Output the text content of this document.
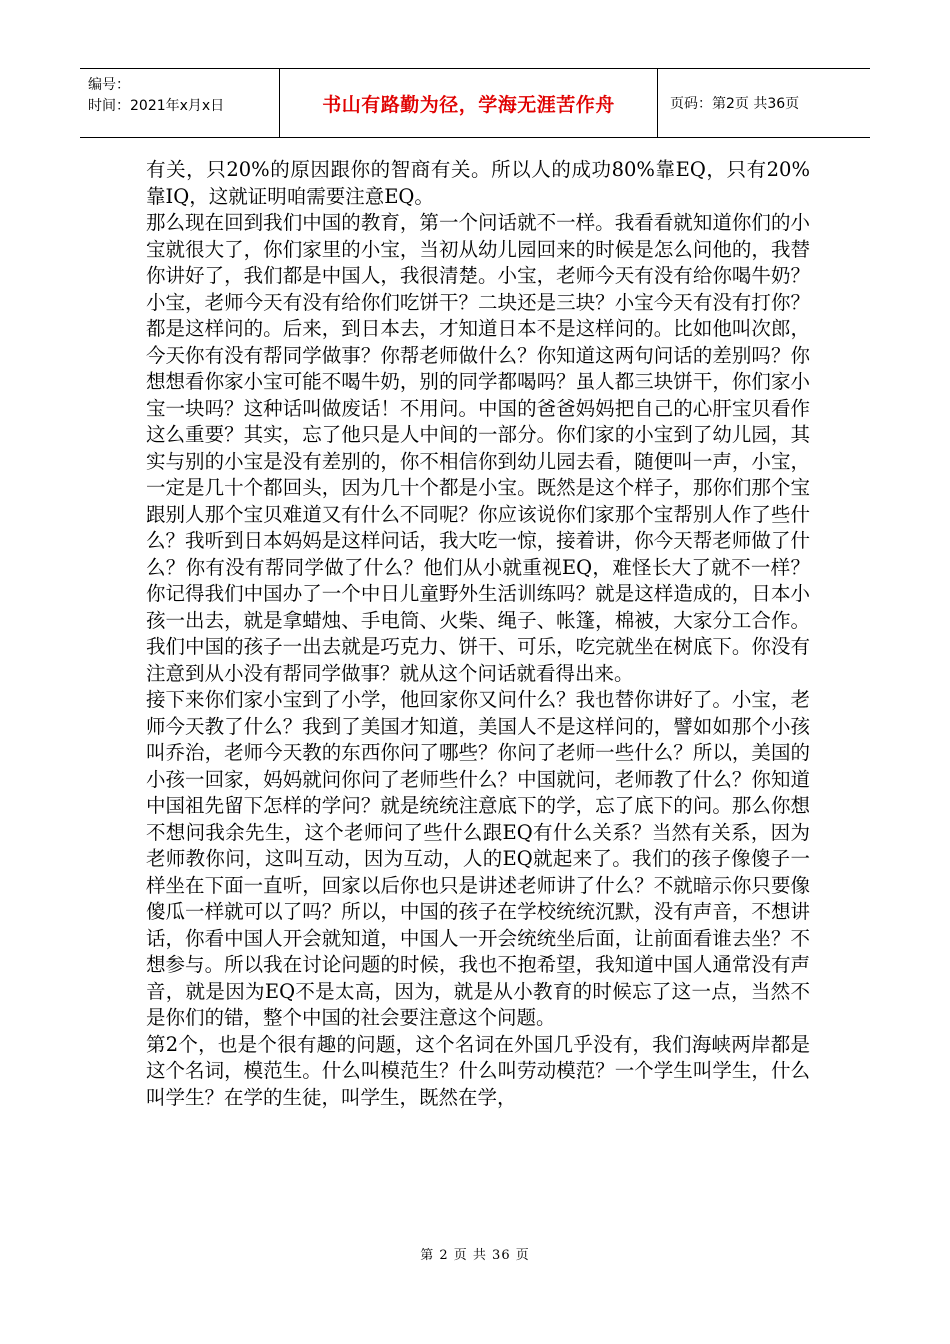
编号：
时间：2021年x月x日	书山有路勤为径，学海无涯苦作舟	页码：第2页 共36页

有关，只20%的原因跟你的智商有关。所以人的成功80%靠EQ，只有20%靠IQ，这就证明咱需要注意EQ。

那么现在回到我们中国的教育，第一个问话就不一样。我看看就知道你们的小宝就很大了，你们家里的小宝，当初从幼儿园回来的时候是怎么问他的，我替你讲好了，我们都是中国人，我很清楚。小宝，老师今天有没有给你喝牛奶？小宝，老师今天有没有给你们吃饼干？二块还是三块？小宝今天有没有打你？都是这样问的。后来，到日本去，才知道日本不是这样问的。比如他叫次郎，今天你有没有帮同学做事？你帮老师做什么？你知道这两句问话的差别吗？你想想看你家小宝可能不喝牛奶，别的同学都喝吗？虽人都三块饼干，你们家小宝一块吗？这种话叫做废话！不用问。中国的爸爸妈妈把自己的心肝宝贝看作这么重要？其实，忘了他只是人中间的一部分。你们家的小宝到了幼儿园，其实与别的小宝是没有差别的，你不相信你到幼儿园去看，随便叫一声，小宝，一定是几十个都回头，因为几十个都是小宝。既然是这个样子，那你们那个宝跟别人那个宝贝难道又有什么不同呢？你应该说你们家那个宝帮别人作了些什么？我听到日本妈妈是这样问话，我大吃一惊，接着讲，你今天帮老师做了什么？你有没有帮同学做了什么？他们从小就重视EQ，难怪长大了就不一样？你记得我们中国办了一个中日儿童野外生活训练吗？就是这样造成的，日本小孩一出去，就是拿蜡烛、手电筒、火柴、绳子、帐篷，棉被，大家分工合作。我们中国的孩子一出去就是巧克力、饼干、可乐，吃完就坐在树底下。你没有注意到从小没有帮同学做事？就从这个问话就看得出来。

接下来你们家小宝到了小学，他回家你又问什么？我也替你讲好了。小宝，老师今天教了什么？我到了美国才知道，美国人不是这样问的，譬如如那个小孩叫乔治，老师今天教的东西你问了哪些？你问了老师一些什么？所以，美国的小孩一回家，妈妈就问你问了老师些什么？中国就问，老师教了什么？你知道中国祖先留下怎样的学问？就是统统注意底下的学，忘了底下的问。那么你想不想问我余先生，这个老师问了些什么跟EQ有什么关系？当然有关系，因为老师教你问，这叫互动，因为互动，人的EQ就起来了。我们的孩子像傻子一样坐在下面一直听，回家以后你也只是讲述老师讲了什么？不就暗示你只要像傻瓜一样就可以了吗？所以，中国的孩子在学校统统沉默，没有声音，不想讲话，你看中国人开会就知道，中国人一开会统统坐后面，让前面看谁去坐？不想参与。所以我在讨论问题的时候，我也不抱希望，我知道中国人通常没有声音，就是因为EQ不是太高，因为，就是从小教育的时候忘了这一点，当然不是你们的错，整个中国的社会要注意这个问题。

第2个，也是个很有趣的问题，这个名词在外国几乎没有，我们海峡两岸都是这个名词，模范生。什么叫模范生？什么叫劳动模范？一个学生叫学生，什么叫学生？在学的生徒，叫学生，既然在学，

第 2 页 共 36 页
